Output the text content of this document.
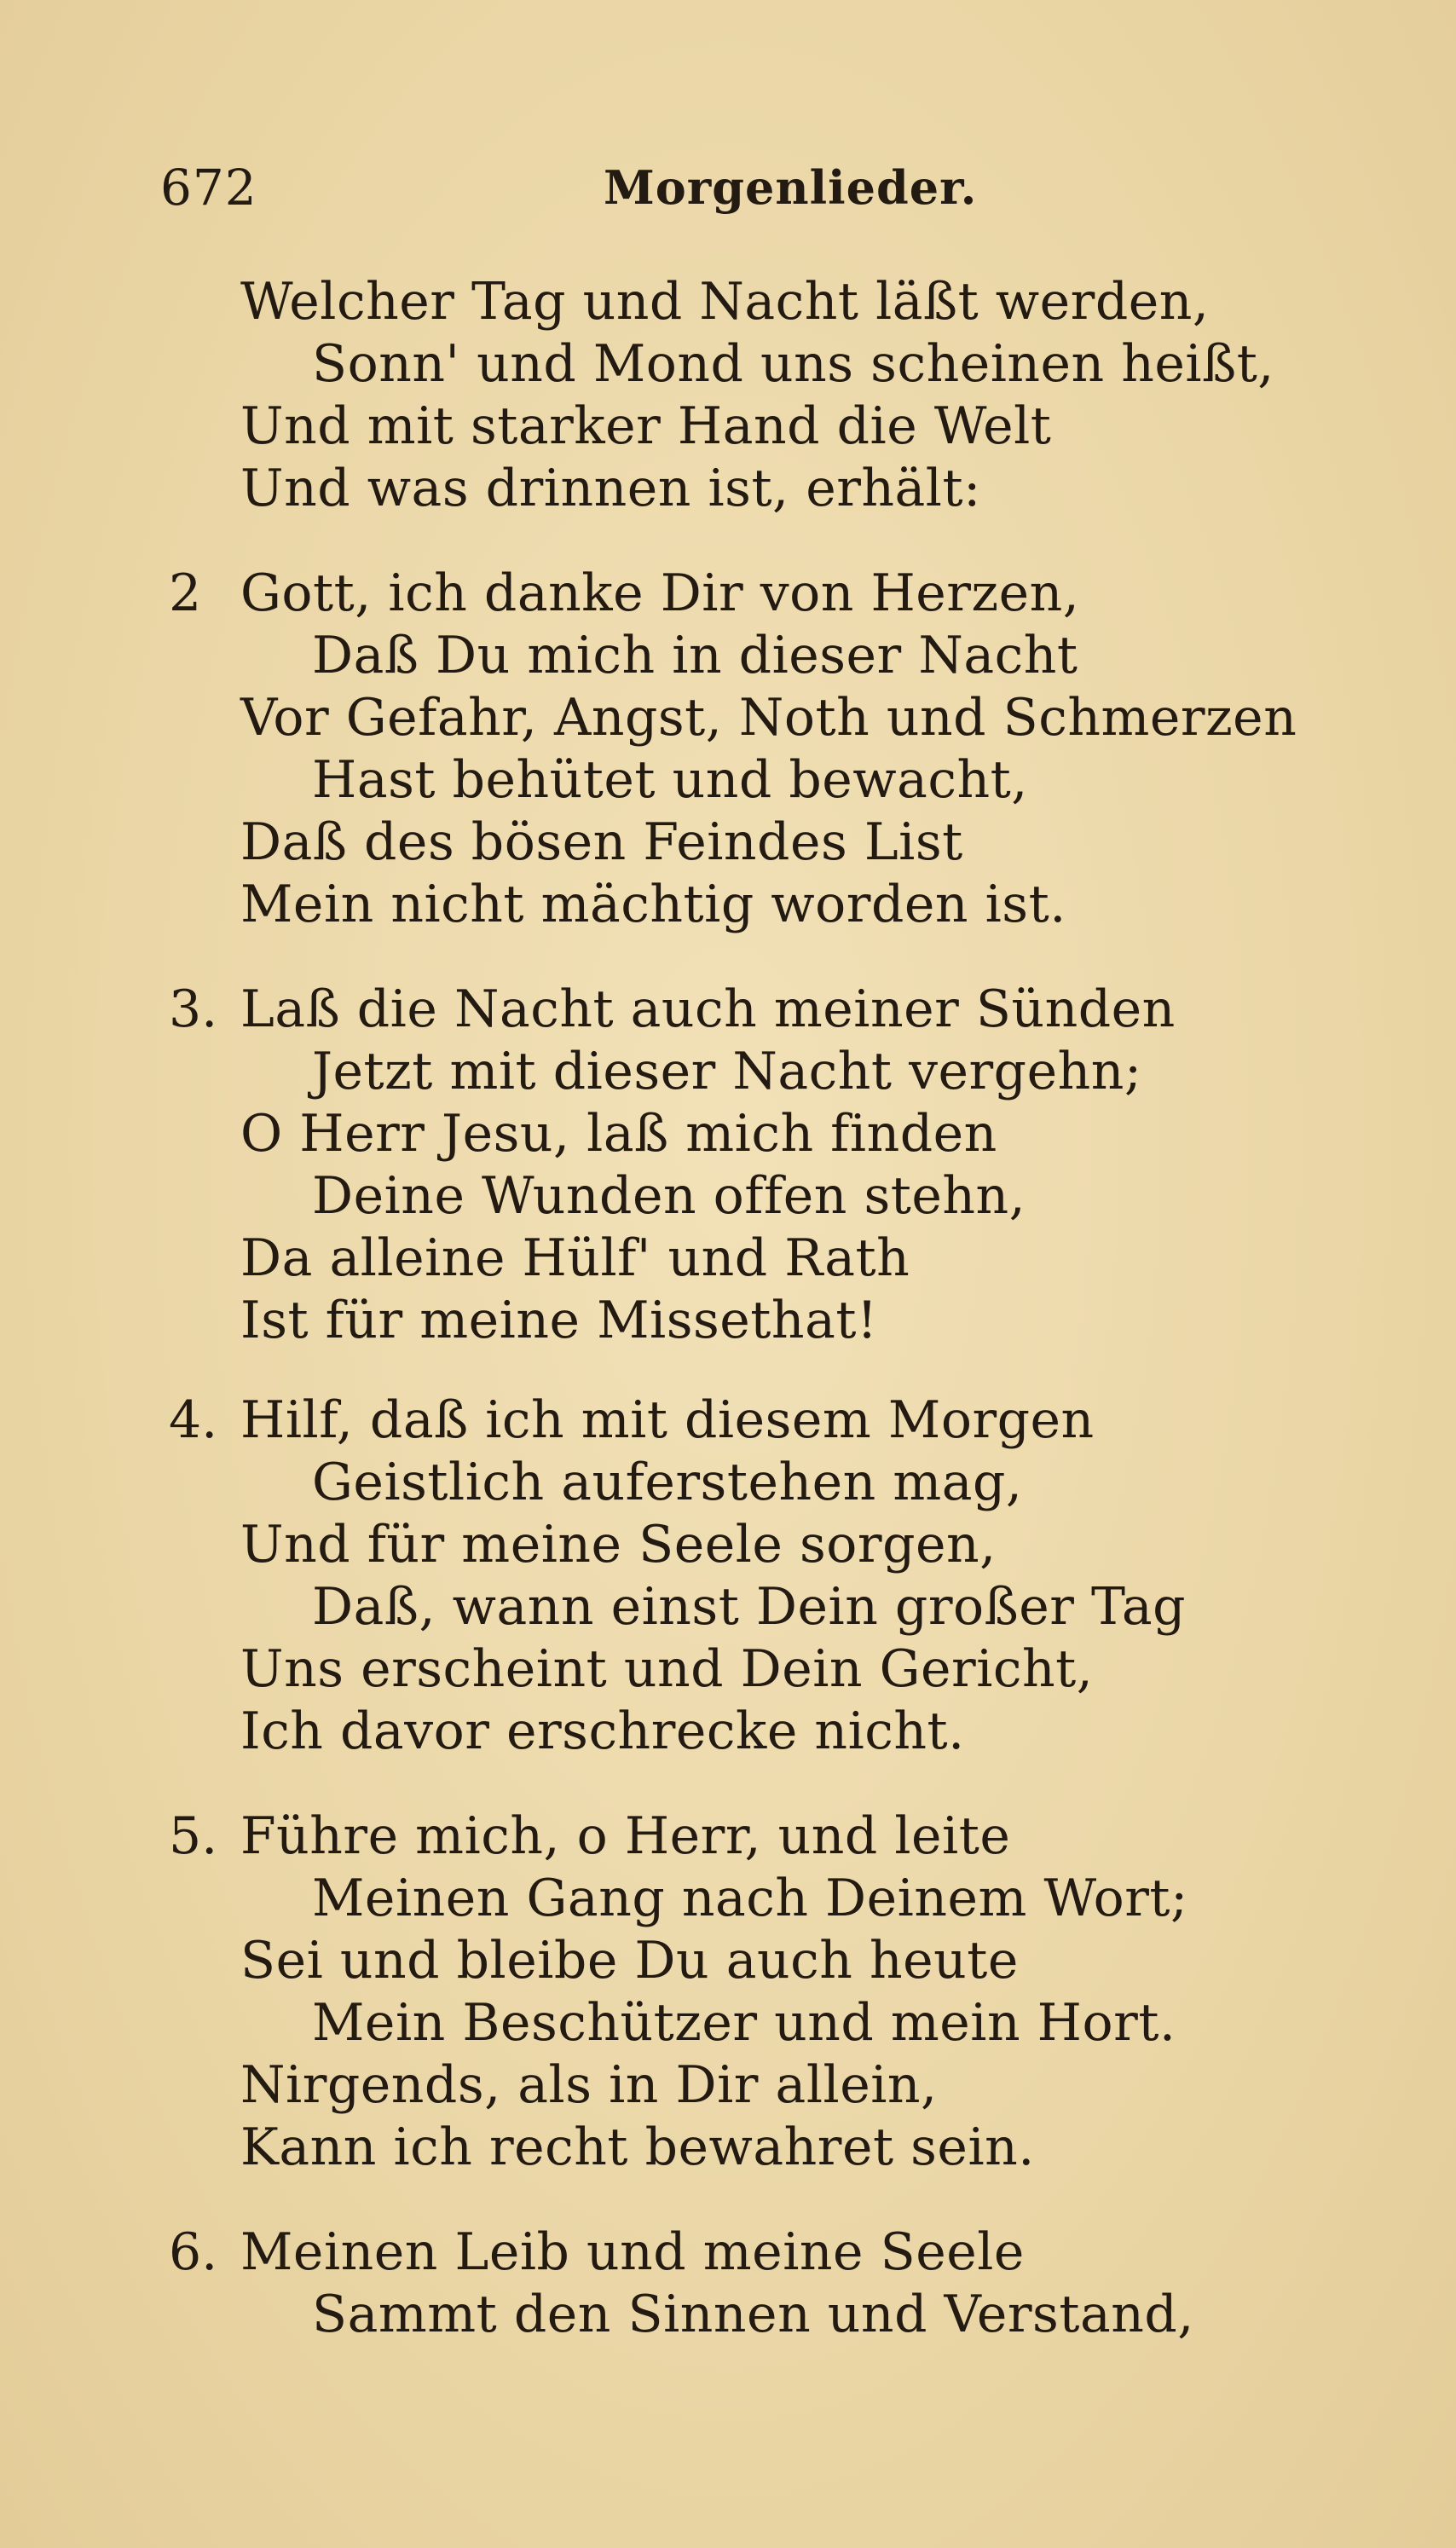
672	Morgenlieder.
Welcher Tag und Nacht läßt werden,
Sonn' und Mond uns scheinen heißt,
Und mit starker Hand die Welt
Und was drinnen ist, erhält:
2 Gott, ich danke Dir von Herzen,
Daß Du mich in dieser Nacht
Vor Gefahr, Angst, Noth und Schmerzen
Hast behütet und bewacht,
Daß des bösen Feindes List
Mein nicht mächtig worden ist.
3. Laß die Nacht auch meiner Sünden
Jetzt mit dieser Nacht vergehn;
O Herr Jesu, laß mich finden
Deine Wunden offen stehn,
Da alleine Hülf' und Rath
Ist für meine Missethat!
4. Hilf, daß ich mit diesem Morgen
Geistlich auferstehen mag,
Und für meine Seele sorgen,
Daß, wann einst Dein großer Tag
Uns erscheint und Dein Gericht,
Ich davor erschrecke nicht.
5. Führe mich, o Herr, und leite
Meinen Gang nach Deinem Wort;
Sei und bleibe Du auch heute
Mein Beschützer und mein Hort.
Nirgends, als in Dir allein,
Kann ich recht bewahret sein.
6. Meinen Leib und meine Seele
Sammt den Sinnen und Verstand,
